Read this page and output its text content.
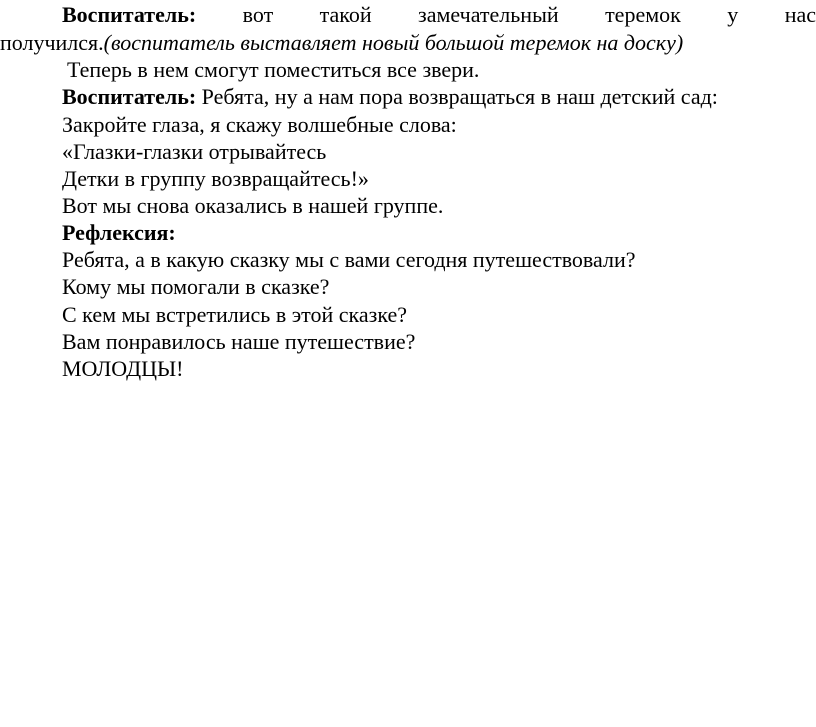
Воспитатель: вот такой замечательный теремок у нас
получился.(воспитатель выставляет новый большой теремок на доску)
Теперь в нем смогут поместиться все звери.
Воспитатель: Ребята, ну а нам пора возвращаться в наш детский сад:
Закройте глаза, я скажу волшебные слова:
«Глазки-глазки отрывайтесь
Детки в группу возвращайтесь!»
Вот мы снова оказались в нашей группе.
Рефлексия:
Ребята, а в какую сказку мы с вами сегодня путешествовали?
Кому мы помогали в сказке?
С кем мы встретились в этой сказке?
Вам понравилось наше путешествие?
МОЛОДЦЫ!
